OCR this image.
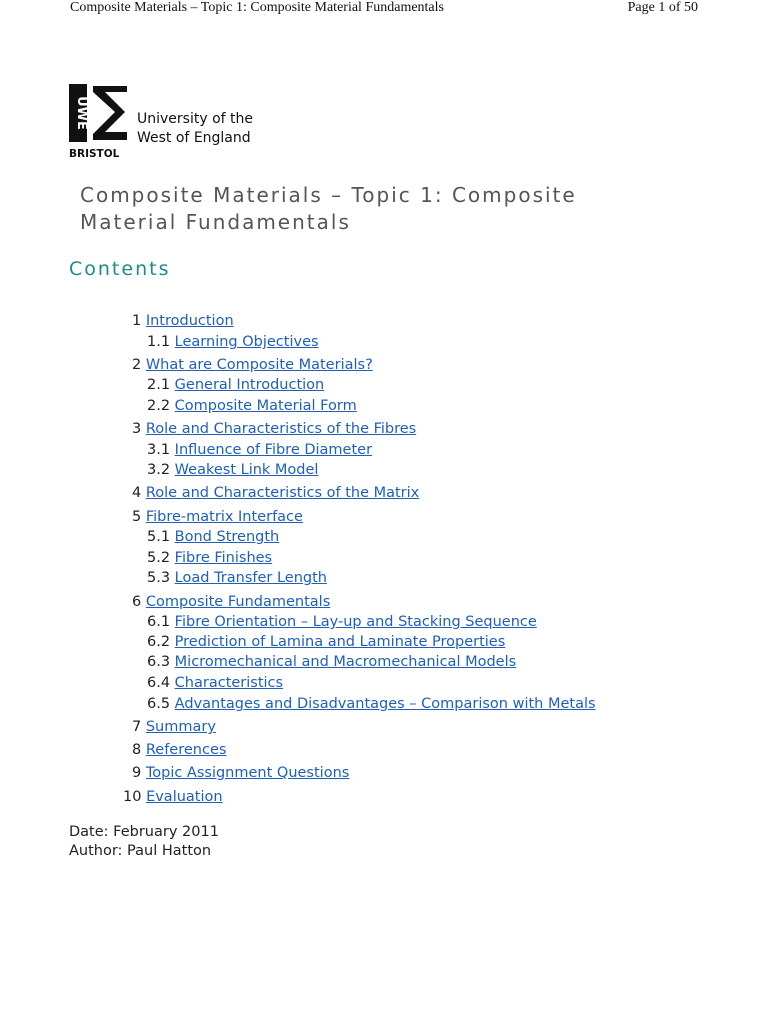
Composite Materials – Topic 1: Composite Material Fundamentals	Page 1 of 50
UWE
BRISTOL
University of the
West of England
Composite Materials – Topic 1: Composite
Material Fundamentals
Contents
1 Introduction
1.1 Learning Objectives
2 What are Composite Materials?
2.1 General Introduction
2.2 Composite Material Form
3 Role and Characteristics of the Fibres
3.1 Influence of Fibre Diameter
3.2 Weakest Link Model
4 Role and Characteristics of the Matrix
5 Fibre-matrix Interface
5.1 Bond Strength
5.2 Fibre Finishes
5.3 Load Transfer Length
6 Composite Fundamentals
6.1 Fibre Orientation – Lay-up and Stacking Sequence
6.2 Prediction of Lamina and Laminate Properties
6.3 Micromechanical and Macromechanical Models
6.4 Characteristics
6.5 Advantages and Disadvantages – Comparison with Metals
7 Summary
8 References
9 Topic Assignment Questions
10 Evaluation
Date: February 2011
Author: Paul Hatton
